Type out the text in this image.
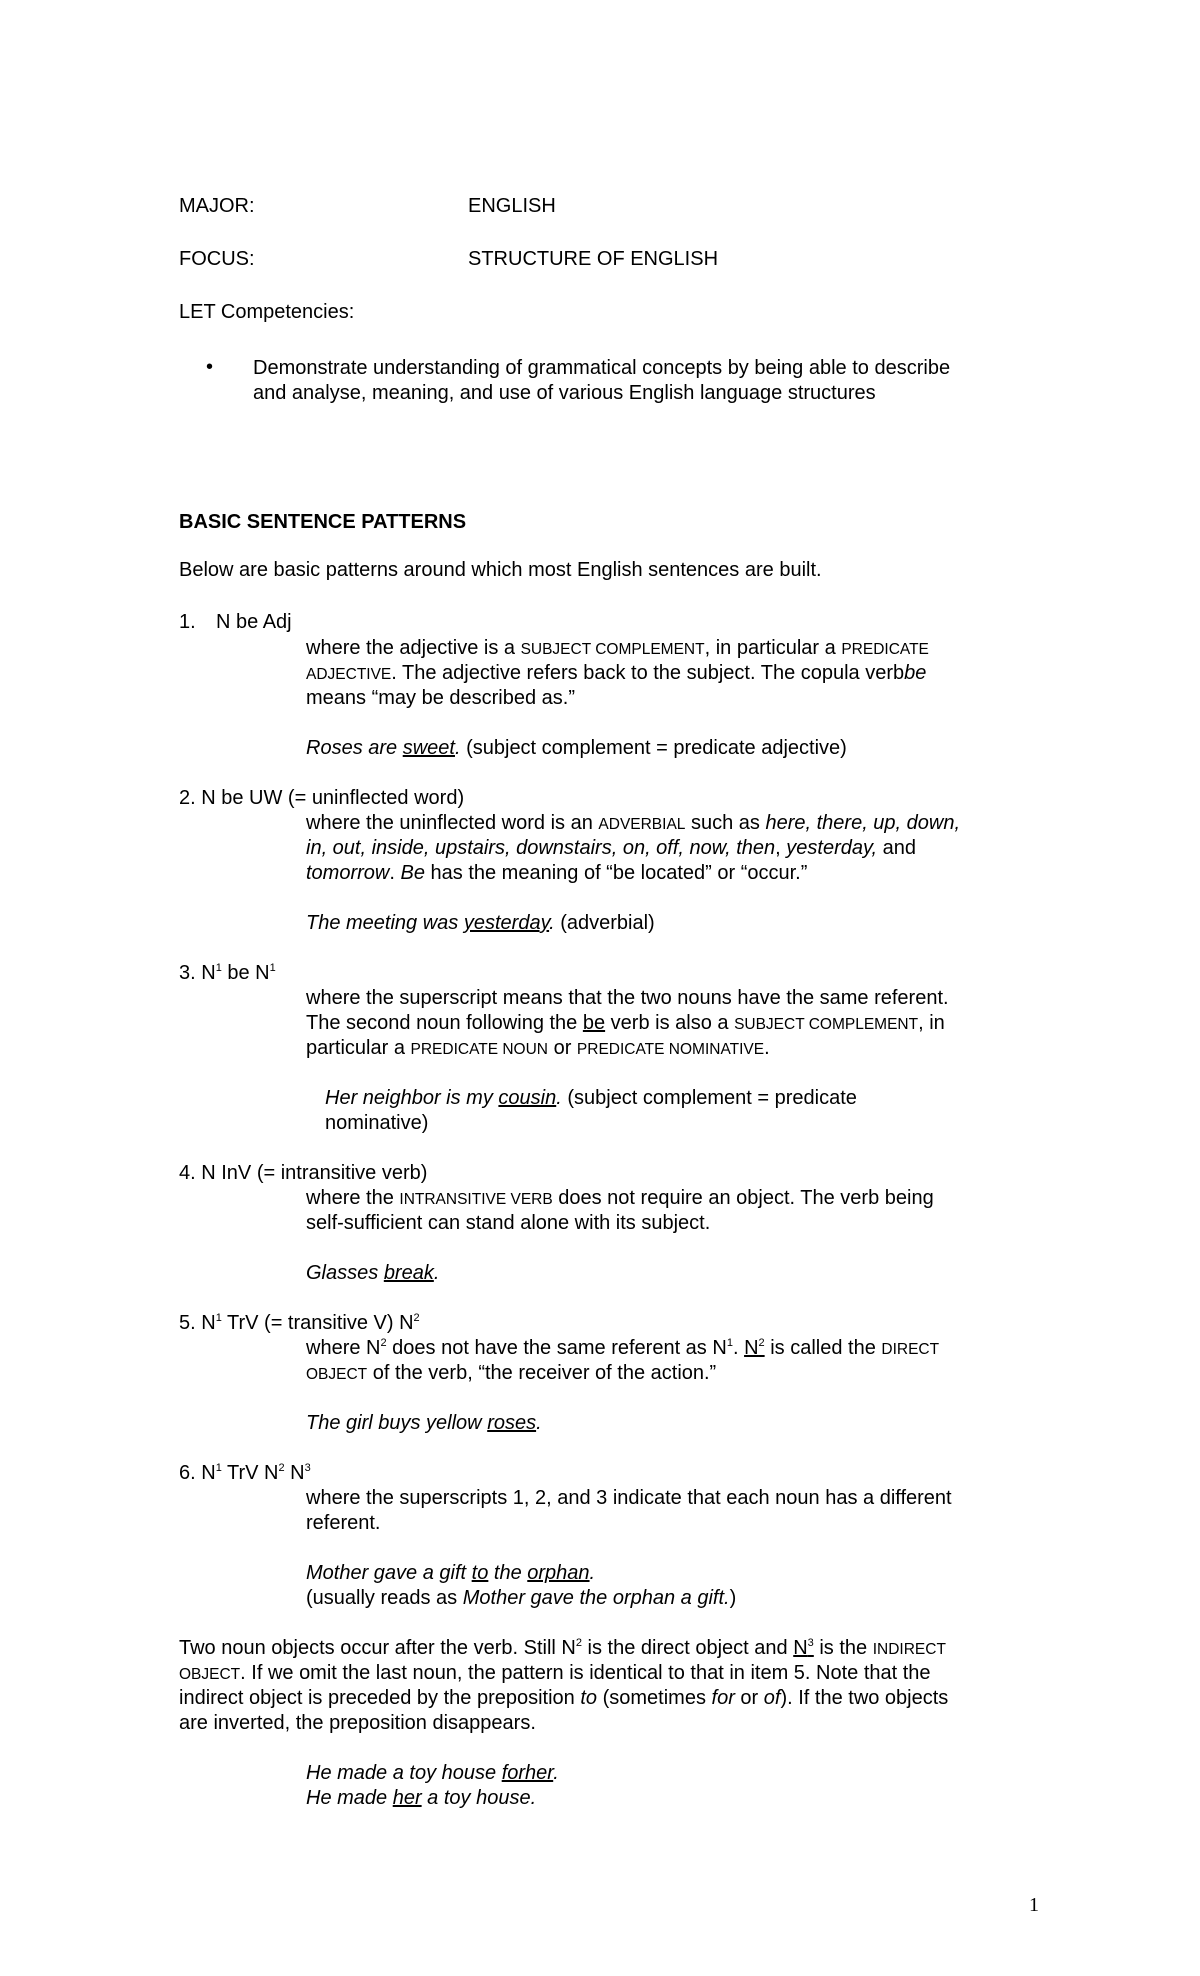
MAJOR:	ENGLISH
FOCUS:	STRUCTURE OF ENGLISH
LET Competencies:
• Demonstrate understanding of grammatical concepts by being able to describe
and analyse, meaning, and use of various English language structures
BASIC SENTENCE PATTERNS
Below are basic patterns around which most English sentences are built.
1. N be Adj
where the adjective is a SUBJECT COMPLEMENT, in particular a PREDICATE
ADJECTIVE. The adjective refers back to the subject. The copula verbbe
means “may be described as.”
Roses are sweet. (subject complement = predicate adjective)
2. N be UW (= uninflected word)
where the uninflected word is an ADVERBIAL such as here, there, up, down,
in, out, inside, upstairs, downstairs, on, off, now, then, yesterday, and
tomorrow. Be has the meaning of “be located” or “occur.”
The meeting was yesterday. (adverbial)
3. $N^1$ be $N^1$
where the superscript means that the two nouns have the same referent.
The second noun following the be verb is also a SUBJECT COMPLEMENT, in
particular a PREDICATE NOUN or PREDICATE NOMINATIVE.
Her neighbor is my cousin. (subject complement = predicate
nominative)
4. N InV (= intransitive verb)
where the INTRANSITIVE VERB does not require an object. The verb being
self-sufficient can stand alone with its subject.
Glasses break.
5. $N^1$ TrV (= transitive V) $N^2$
where $N^2$ does not have the same referent as $N^1$. $N^2$ is called the DIRECT
OBJECT of the verb, “the receiver of the action.”
The girl buys yellow roses.
6. $N^1$ TrV $N^2$ $N^3$
where the superscripts 1, 2, and 3 indicate that each noun has a different
referent.
Mother gave a gift to the orphan.
(usually reads as Mother gave the orphan a gift.)
Two noun objects occur after the verb. Still $N^2$ is the direct object and $N^3$ is the INDIRECT
OBJECT. If we omit the last noun, the pattern is identical to that in item 5. Note that the
indirect object is preceded by the preposition to (sometimes for or of). If the two objects
are inverted, the preposition disappears.
He made a toy house forher.
He made her a toy house.
1
